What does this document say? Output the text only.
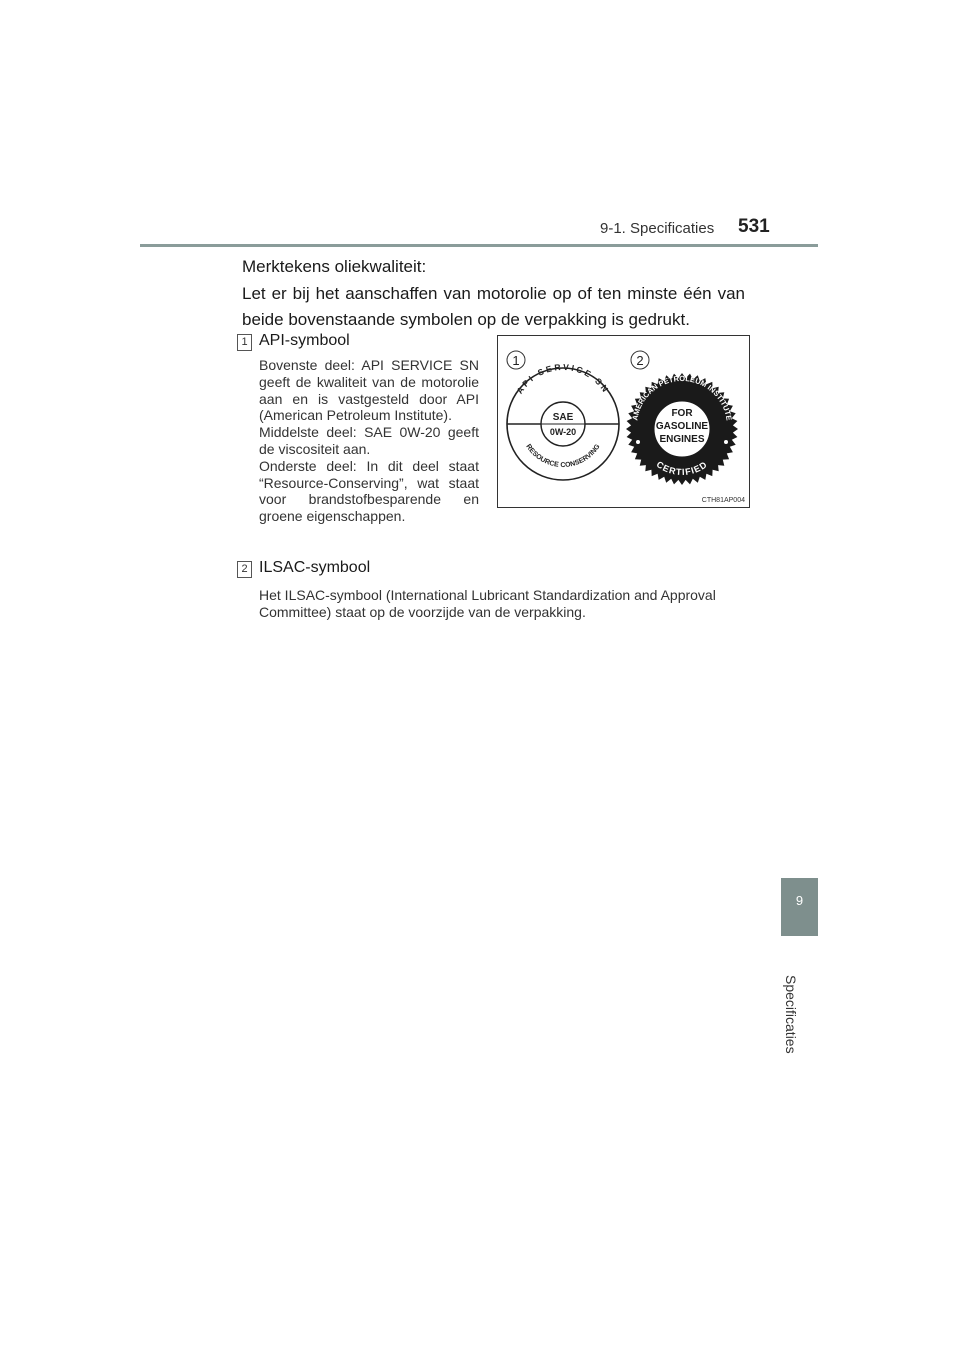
9-1. Specificaties 531
9
Specificaties
Merktekens oliekwaliteit:
Let er bij het aanschaffen van motorolie op of ten minste één van beide bovenstaande symbolen op de verpakking is gedrukt.
1 API-symbool
Bovenste deel: API SERVICE SN geeft de kwaliteit van de motorolie aan en is vastgesteld door API (American Petroleum Institute).
Middelste deel: SAE 0W-20 geeft de viscositeit aan.
Onderste deel: In dit deel staat “Resource-Conserving”, wat staat voor brandstofbesparende en groene eigenschappen.
2 ILSAC-symbool
Het ILSAC-symbool (International Lubricant Standardization and Approval Committee) staat op de voorzijde van de verpakking.
1	2
API SERVICE SN
RESOURCE CONSERVING
SAE
0W-20
AMERICAN PETROLEUM INSTITUTE
CERTIFIED
FOR
GASOLINE
ENGINES
CTH81AP004
